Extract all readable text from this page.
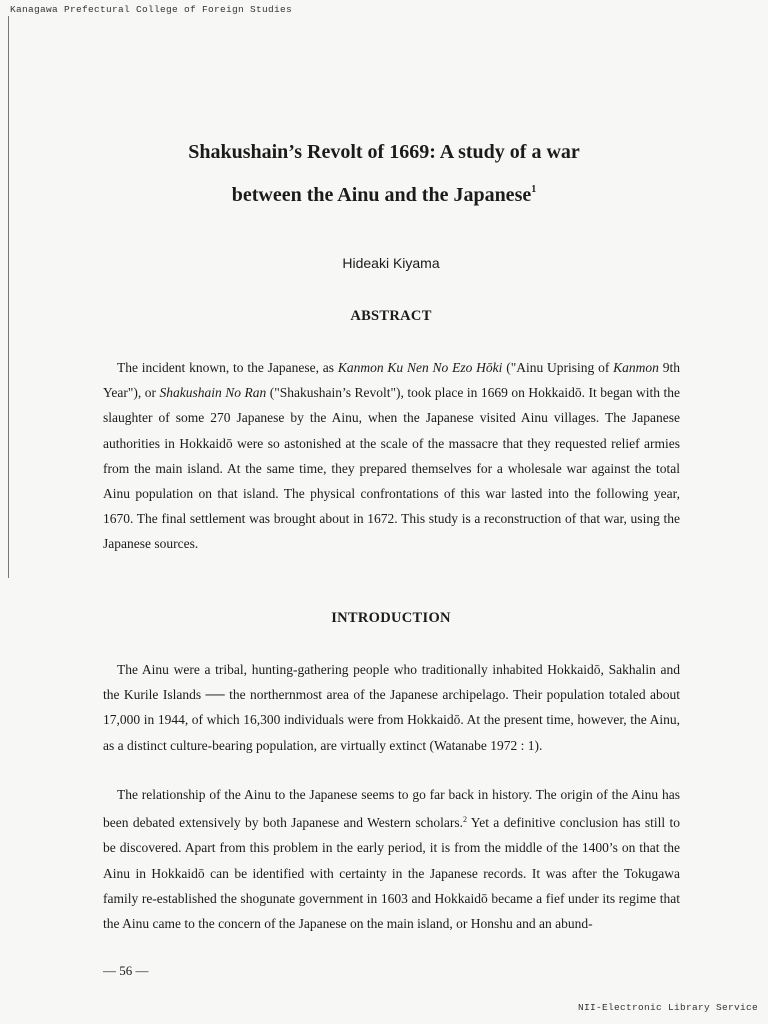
Kanagawa Prefectural College of Foreign Studies
Shakushain’s Revolt of 1669: A study of a war
between the Ainu and the Japanese$^1$
Hideaki Kiyama
ABSTRACT

The incident known, to the Japanese, as Kanmon Ku Nen No Ezo Hōki ("Ainu Uprising of Kanmon 9th Year"), or Shakushain No Ran ("Shakushain’s Revolt"), took place in 1669 on Hokkaidō. It began with the slaughter of some 270 Japanese by the Ainu, when the Japanese visited Ainu villages. The Japanese authorities in Hokkaidō were so astonished at the scale of the massacre that they requested relief armies from the main island. At the same time, they prepared themselves for a wholesale war against the total Ainu population on that island. The physical confrontations of this war lasted into the following year, 1670. The final settlement was brought about in 1672. This study is a reconstruction of that war, using the Japanese sources.

INTRODUCTION

The Ainu were a tribal, hunting-gathering people who traditionally inhabited Hokkaidō, Sakhalin and the Kurile Islands ── the northernmost area of the Japanese archipelago. Their population totaled about 17,000 in 1944, of which 16,300 individuals were from Hokkaidō. At the present time, however, the Ainu, as a distinct culture-bearing population, are virtually extinct (Watanabe 1972 : 1).

The relationship of the Ainu to the Japanese seems to go far back in history. The origin of the Ainu has been debated extensively by both Japanese and Western scholars.$^2$ Yet a definitive conclusion has still to be discovered. Apart from this problem in the early period, it is from the middle of the 1400’s on that the Ainu in Hokkaidō can be identified with certainty in the Japanese records. It was after the Tokugawa family re-established the shogunate government in 1603 and Hokkaidō became a fief under its regime that the Ainu came to the concern of the Japanese on the main island, or Honshu and an abund-

— 56 —
NII-Electronic Library Service
